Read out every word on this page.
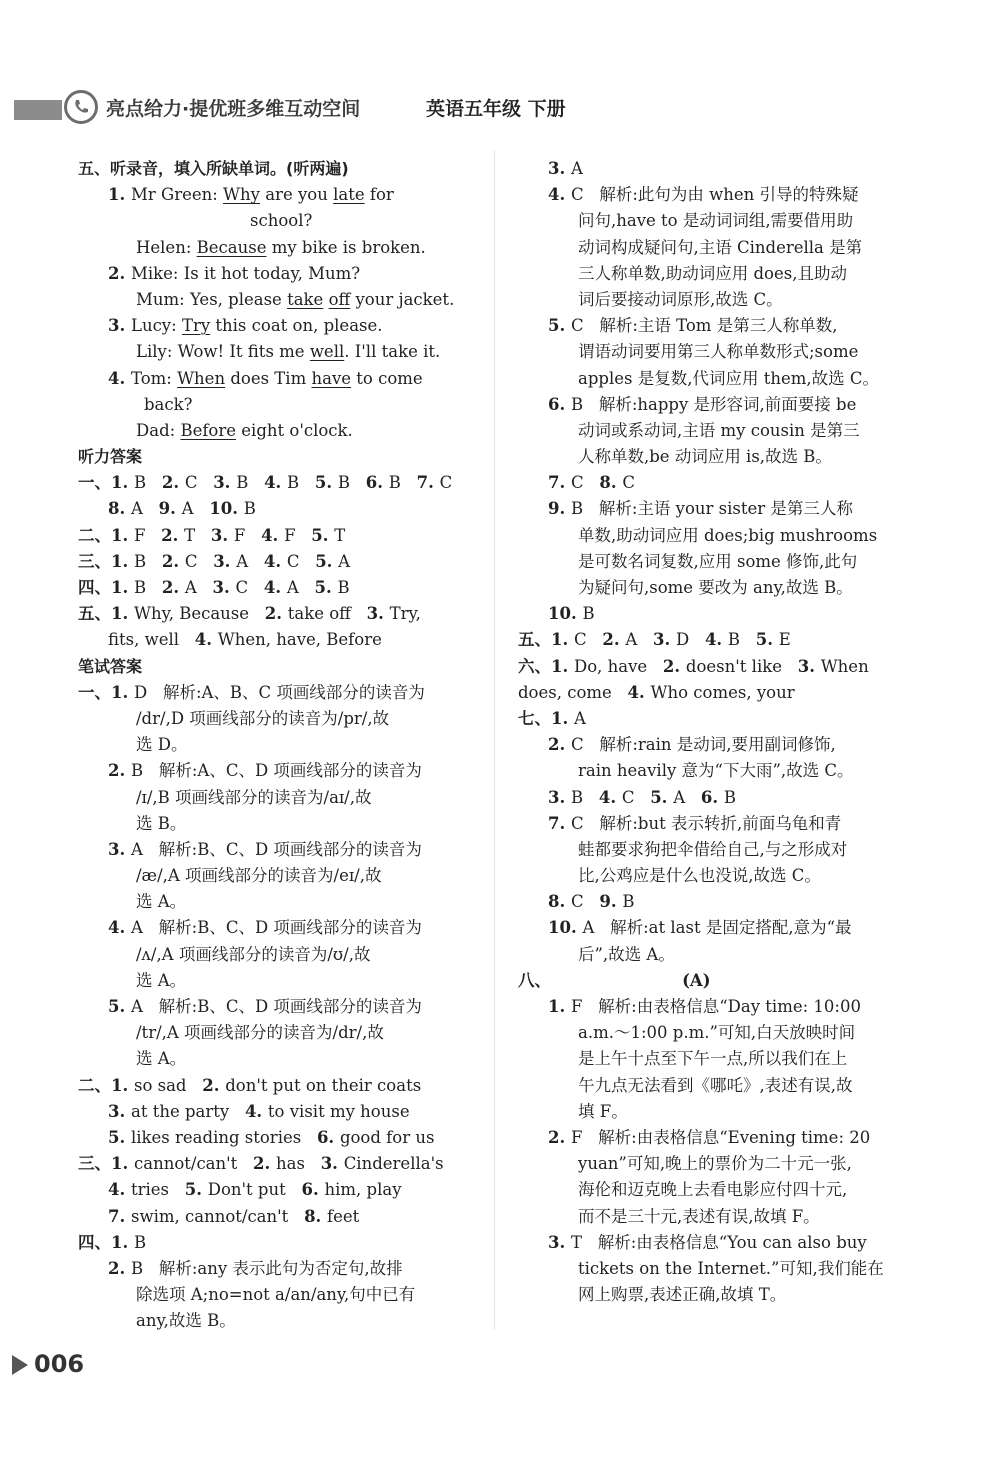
亮点给力·提优班多维互动空间	英语五年级 下册
五、听录音，填入所缺单词。(听两遍)
1. Mr Green: Why are you late for
school?
Helen: Because my bike is broken.
2. Mike: Is it hot today, Mum?
Mum: Yes, please take off your jacket.
3. Lucy: Try this coat on, please.
Lily: Wow! It fits me well. I'll take it.
4. Tom: When does Tim have to come
back?
Dad: Before eight o'clock.
听力答案
一、1. B   2. C   3. B   4. B   5. B   6. B   7. C
8. A   9. A   10. B
二、1. F   2. T   3. F   4. F   5. T
三、1. B   2. C   3. A   4. C   5. A
四、1. B   2. A   3. C   4. A   5. B
五、1. Why, Because   2. take off   3. Try,
fits, well   4. When, have, Before
笔试答案
一、1. D   解析:A、B、C 项画线部分的读音为
/dr/,D 项画线部分的读音为/pr/,故
选 D。
2. B   解析:A、C、D 项画线部分的读音为
/ɪ/,B 项画线部分的读音为/aɪ/,故
选 B。
3. A   解析:B、C、D 项画线部分的读音为
/æ/,A 项画线部分的读音为/eɪ/,故
选 A。
4. A   解析:B、C、D 项画线部分的读音为
/ʌ/,A 项画线部分的读音为/ʊ/,故
选 A。
5. A   解析:B、C、D 项画线部分的读音为
/tr/,A 项画线部分的读音为/dr/,故
选 A。
二、1. so sad   2. don't put on their coats
3. at the party   4. to visit my house
5. likes reading stories   6. good for us
三、1. cannot/can't   2. has   3. Cinderella's
4. tries   5. Don't put   6. him, play
7. swim, cannot/can't   8. feet
四、1. B
2. B   解析:any 表示此句为否定句,故排
除选项 A;no=not a/an/any,句中已有
any,故选 B。
3. A
4. C   解析:此句为由 when 引导的特殊疑
问句,have to 是动词词组,需要借用助
动词构成疑问句,主语 Cinderella 是第
三人称单数,助动词应用 does,且助动
词后要接动词原形,故选 C。
5. C   解析:主语 Tom 是第三人称单数,
谓语动词要用第三人称单数形式;some
apples 是复数,代词应用 them,故选 C。
6. B   解析:happy 是形容词,前面要接 be
动词或系动词,主语 my cousin 是第三
人称单数,be 动词应用 is,故选 B。
7. C   8. C
9. B   解析:主语 your sister 是第三人称
单数,助动词应用 does;big mushrooms
是可数名词复数,应用 some 修饰,此句
为疑问句,some 要改为 any,故选 B。
10. B
五、1. C   2. A   3. D   4. B   5. E
六、1. Do, have   2. doesn't like   3. When
does, come   4. Who comes, your
七、1. A
2. C   解析:rain 是动词,要用副词修饰,
rain heavily 意为“下大雨”,故选 C。
3. B   4. C   5. A   6. B
7. C   解析:but 表示转折,前面乌龟和青
蛙都要求狗把伞借给自己,与之形成对
比,公鸡应是什么也没说,故选 C。
8. C   9. B
10. A   解析:at last 是固定搭配,意为“最
后”,故选 A。
八、	(A)
1. F   解析:由表格信息“Day time: 10:00
a.m.～1:00 p.m.”可知,白天放映时间
是上午十点至下午一点,所以我们在上
午九点无法看到《哪吒》,表述有误,故
填 F。
2. F   解析:由表格信息“Evening time: 20
yuan”可知,晚上的票价为二十元一张,
海伦和迈克晚上去看电影应付四十元,
而不是三十元,表述有误,故填 F。
3. T   解析:由表格信息“You can also buy
tickets on the Internet.”可知,我们能在
网上购票,表述正确,故填 T。
006
